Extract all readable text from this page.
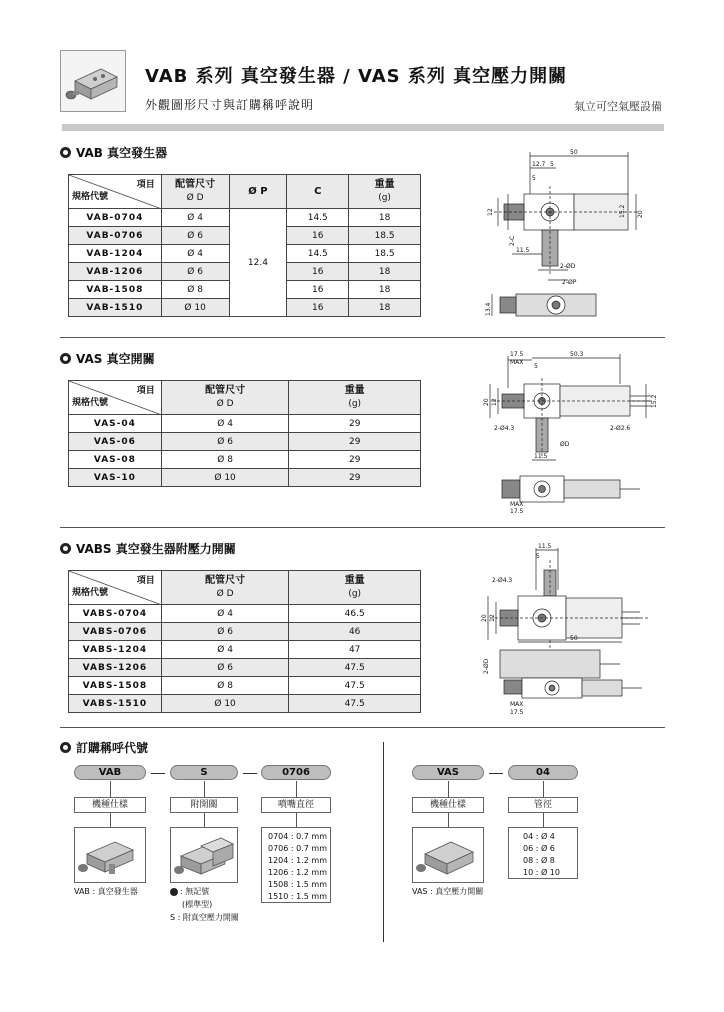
VAB 系列 真空發生器 / VAS 系列 真空壓力開關
外觀圖形尺寸與訂購稱呼說明	氣立可空氣壓設備
VAB 真空發生器
項目
規格代號	配管尺寸
Ø D	Ø P	C	重量
(g)
VAB-0704	Ø 4	12.4	14.5	18
VAB-0706	Ø 6		16	18.5
VAB-1204	Ø 4		14.5	18.5
VAB-1206	Ø 6		16	18
VAB-1508	Ø 8		16	18
VAB-1510	Ø 10		16	18
50
12.7 5
5
12	15.2 20
2-C
11.5
2-ØD
2-ØP
13.4
VAS 真空開關
項目
規格代號	配管尺寸
Ø D	重量
(g)
VAS-04	Ø 4	29
VAS-06	Ø 6	29
VAS-08	Ø 8	29
VAS-10	Ø 10	29
17.5
MAX
50.3
5
20 12	15.2
2-Ø4.3	2-Ø2.6
ØD
11.5
MAX
17.5
VABS 真空發生器附壓力開關
項目
規格代號	配管尺寸
Ø D	重量
(g)
VABS-0704	Ø 4	46.5
VABS-0706	Ø 6	46
VABS-1204	Ø 4	47
VABS-1206	Ø 6	47.5
VABS-1508	Ø 8	47.5
VABS-1510	Ø 10	47.5
11.5
5
2-Ø4.3
20 12
50
2-ØD
MAX
17.5
訂購稱呼代號
VAB	S	0706
機種仕樣	附開關	噴嘴直徑
0704 : 0.7 mm
0706 : 0.7 mm
1204 : 1.2 mm
1206 : 1.2 mm
1508 : 1.5 mm
1510 : 1.5 mm
VAB : 真空發生器	: 無記號
(標準型)
S : 附真空壓力開關
VAS	04
機種仕樣	管徑
04 : Ø 4
06 : Ø 6
08 : Ø 8
10 : Ø 10
VAS : 真空壓力開關
